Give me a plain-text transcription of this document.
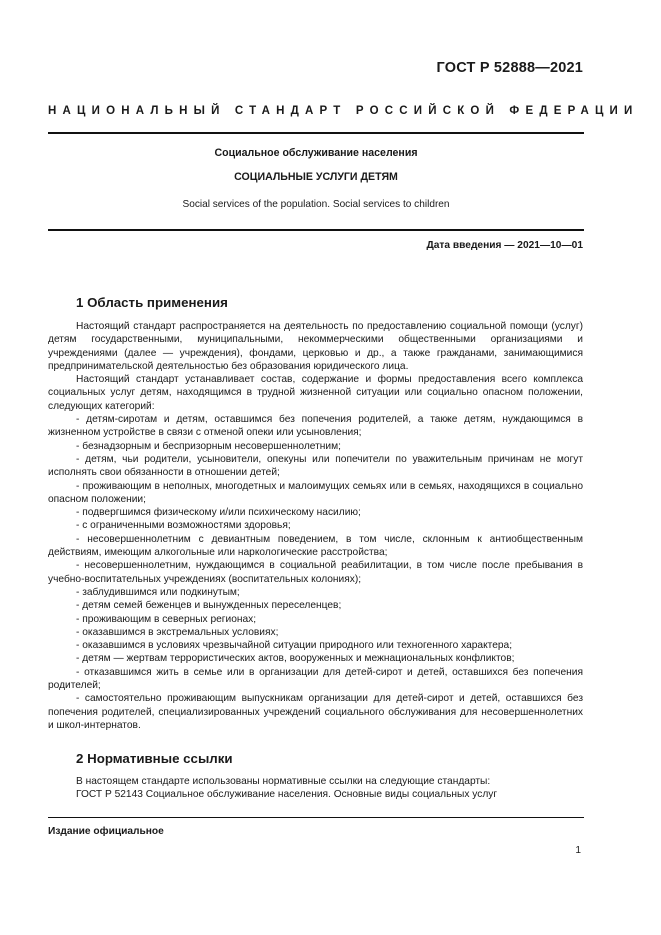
ГОСТ Р 52888—2021
НАЦИОНАЛЬНЫЙ СТАНДАРТ РОССИЙСКОЙ ФЕДЕРАЦИИ
Социальное обслуживание населения
СОЦИАЛЬНЫЕ УСЛУГИ ДЕТЯМ
Social services of the population. Social services to children
Дата введения — 2021—10—01
1 Область применения

Настоящий стандарт распространяется на деятельность по предоставлению социальной помощи (услуг) детям государственными, муниципальными, некоммерческими общественными организациями и учреждениями (далее — учреждения), фондами, церковью и др., а также гражданами, занимающимися предпринимательской деятельностью без образования юридического лица.

Настоящий стандарт устанавливает состав, содержание и формы предоставления всего комплекса социальных услуг детям, находящимся в трудной жизненной ситуации или социально опасном положении, следующих категорий:

- детям-сиротам и детям, оставшимся без попечения родителей, а также детям, нуждающимся в жизненном устройстве в связи с отменой опеки или усыновления;

- безнадзорным и беспризорным несовершеннолетним;

- детям, чьи родители, усыновители, опекуны или попечители по уважительным причинам не могут исполнять свои обязанности в отношении детей;

- проживающим в неполных, многодетных и малоимущих семьях или в семьях, находящихся в социально опасном положении;

- подвергшимся физическому и/или психическому насилию;

- с ограниченными возможностями здоровья;

- несовершеннолетним с девиантным поведением, в том числе, склонным к антиобщественным действиям, имеющим алкогольные или наркологические расстройства;

- несовершеннолетним, нуждающимся в социальной реабилитации, в том числе после пребывания в учебно-воспитательных учреждениях (воспитательных колониях);

- заблудившимся или подкинутым;

- детям семей беженцев и вынужденных переселенцев;

- проживающим в северных регионах;

- оказавшимся в экстремальных условиях;

- оказавшимся в условиях чрезвычайной ситуации природного или техногенного характера;

- детям — жертвам террористических актов, вооруженных и межнациональных конфликтов;

- отказавшимся жить в семье или в организации для детей-сирот и детей, оставшихся без попечения родителей;

- самостоятельно проживающим выпускникам организации для детей-сирот и детей, оставшихся без попечения родителей, специализированных учреждений социального обслуживания для несовершеннолетних и школ-интернатов.

2 Нормативные ссылки

В настоящем стандарте использованы нормативные ссылки на следующие стандарты:

ГОСТ Р 52143 Социальное обслуживание населения. Основные виды социальных услуг

Издание официальное
1
